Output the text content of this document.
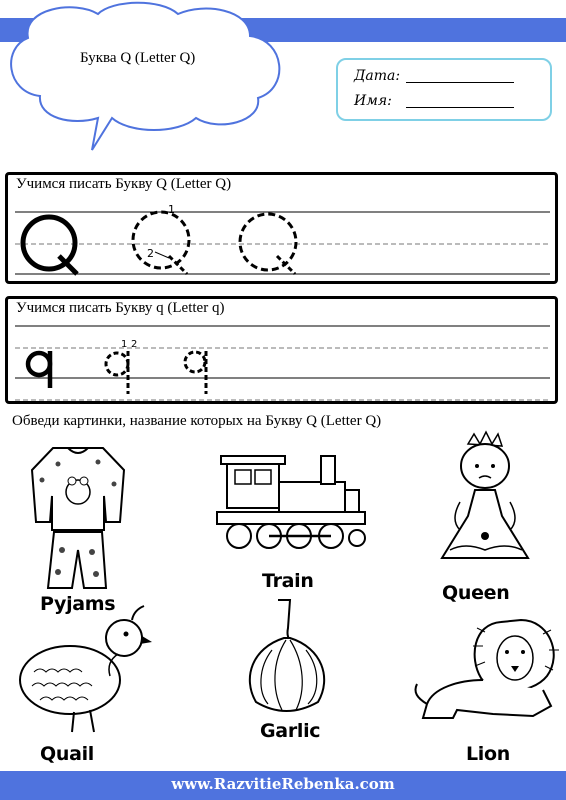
Буква Q (Letter Q)
Дата:
Имя:
Учимся писать Букву Q (Letter Q)
1
2
Учимся писать Букву q (Letter q)
1 2
Обведи картинки, название которых на Букву Q (Letter Q)
Pyjams
Train
Queen
Quail
Garlic
Lion
www.RazvitieRebenka.com
